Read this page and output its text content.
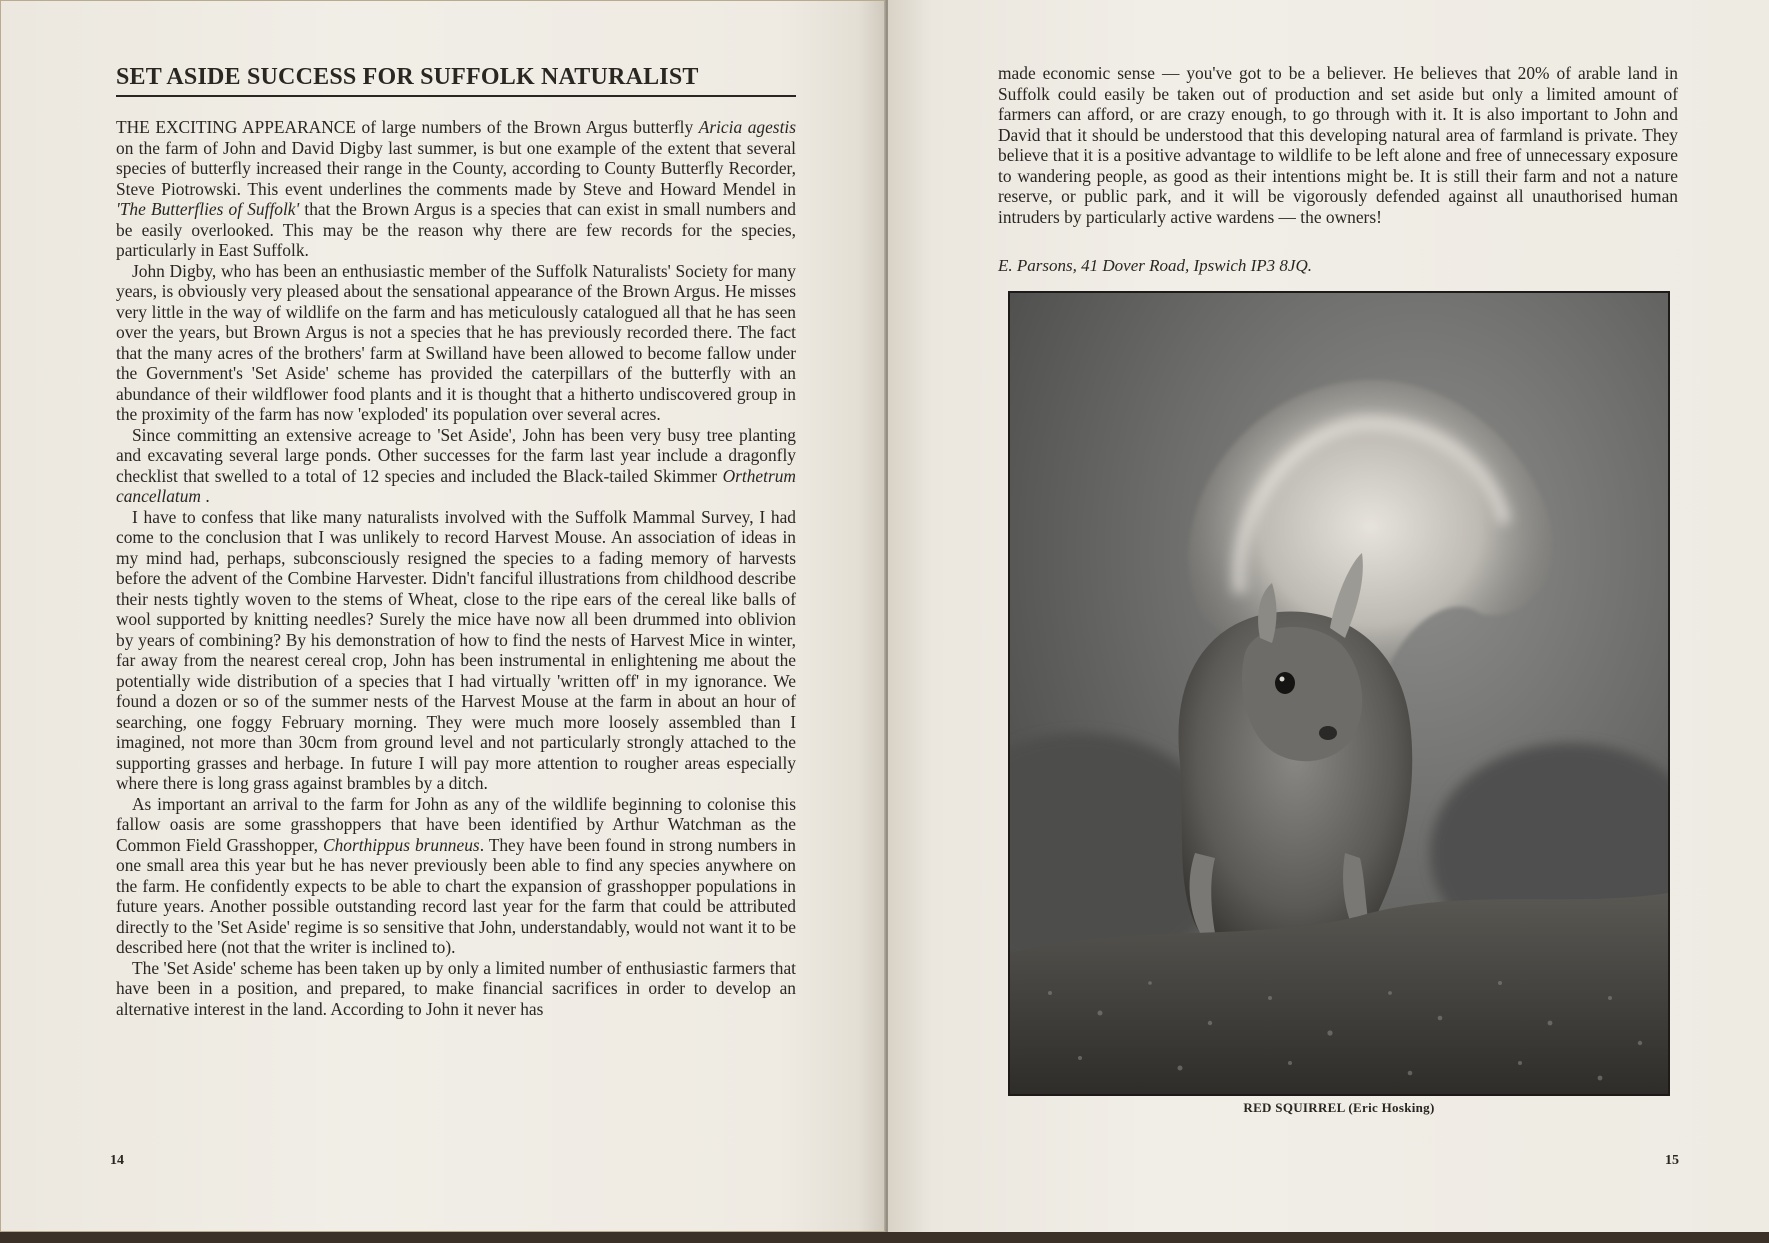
SET ASIDE SUCCESS FOR SUFFOLK NATURALIST

THE EXCITING APPEARANCE of large numbers of the Brown Argus butterfly Aricia agestis on the farm of John and David Digby last summer, is but one example of the extent that several species of butterfly increased their range in the County, according to County Butterfly Recorder, Steve Piotrowski. This event underlines the comments made by Steve and Howard Mendel in 'The Butterflies of Suffolk' that the Brown Argus is a species that can exist in small numbers and be easily overlooked. This may be the reason why there are few records for the species, particularly in East Suffolk.

John Digby, who has been an enthusiastic member of the Suffolk Naturalists' Society for many years, is obviously very pleased about the sensational appearance of the Brown Argus. He misses very little in the way of wildlife on the farm and has meticulously catalogued all that he has seen over the years, but Brown Argus is not a species that he has previously recorded there. The fact that the many acres of the brothers' farm at Swilland have been allowed to become fallow under the Government's 'Set Aside' scheme has provided the caterpillars of the butterfly with an abundance of their wildflower food plants and it is thought that a hitherto undiscovered group in the proximity of the farm has now 'exploded' its population over several acres.

Since committing an extensive acreage to 'Set Aside', John has been very busy tree planting and excavating several large ponds. Other successes for the farm last year include a dragonfly checklist that swelled to a total of 12 species and included the Black-tailed Skimmer Orthetrum cancellatum .

I have to confess that like many naturalists involved with the Suffolk Mammal Survey, I had come to the conclusion that I was unlikely to record Harvest Mouse. An association of ideas in my mind had, perhaps, subconsciously resigned the species to a fading memory of harvests before the advent of the Combine Harvester. Didn't fanciful illustrations from childhood describe their nests tightly woven to the stems of Wheat, close to the ripe ears of the cereal like balls of wool supported by knitting needles? Surely the mice have now all been drummed into oblivion by years of combining? By his demonstration of how to find the nests of Harvest Mice in winter, far away from the nearest cereal crop, John has been instrumental in enlightening me about the potentially wide distribution of a species that I had virtually 'written off' in my ignorance. We found a dozen or so of the summer nests of the Harvest Mouse at the farm in about an hour of searching, one foggy February morning. They were much more loosely assembled than I imagined, not more than 30cm from ground level and not particularly strongly attached to the supporting grasses and herbage. In future I will pay more attention to rougher areas especially where there is long grass against brambles by a ditch.

As important an arrival to the farm for John as any of the wildlife beginning to colonise this fallow oasis are some grasshoppers that have been identified by Arthur Watchman as the Common Field Grasshopper, Chorthippus brunneus. They have been found in strong numbers in one small area this year but he has never previously been able to find any species anywhere on the farm. He confidently expects to be able to chart the expansion of grasshopper populations in future years. Another possible outstanding record last year for the farm that could be attributed directly to the 'Set Aside' regime is so sensitive that John, understandably, would not want it to be described here (not that the writer is inclined to).

The 'Set Aside' scheme has been taken up by only a limited number of enthusiastic farmers that have been in a position, and prepared, to make financial sacrifices in order to develop an alternative interest in the land. According to John it never has

14

made economic sense — you've got to be a believer. He believes that 20% of arable land in Suffolk could easily be taken out of production and set aside but only a limited amount of farmers can afford, or are crazy enough, to go through with it. It is also important to John and David that it should be understood that this developing natural area of farmland is private. They believe that it is a positive advantage to wildlife to be left alone and free of unnecessary exposure to wandering people, as good as their intentions might be. It is still their farm and not a nature reserve, or public park, and it will be vigorously defended against all unauthorised human intruders by particularly active wardens — the owners!

E. Parsons, 41 Dover Road, Ipswich IP3 8JQ.
RED SQUIRREL (Eric Hosking)
15
